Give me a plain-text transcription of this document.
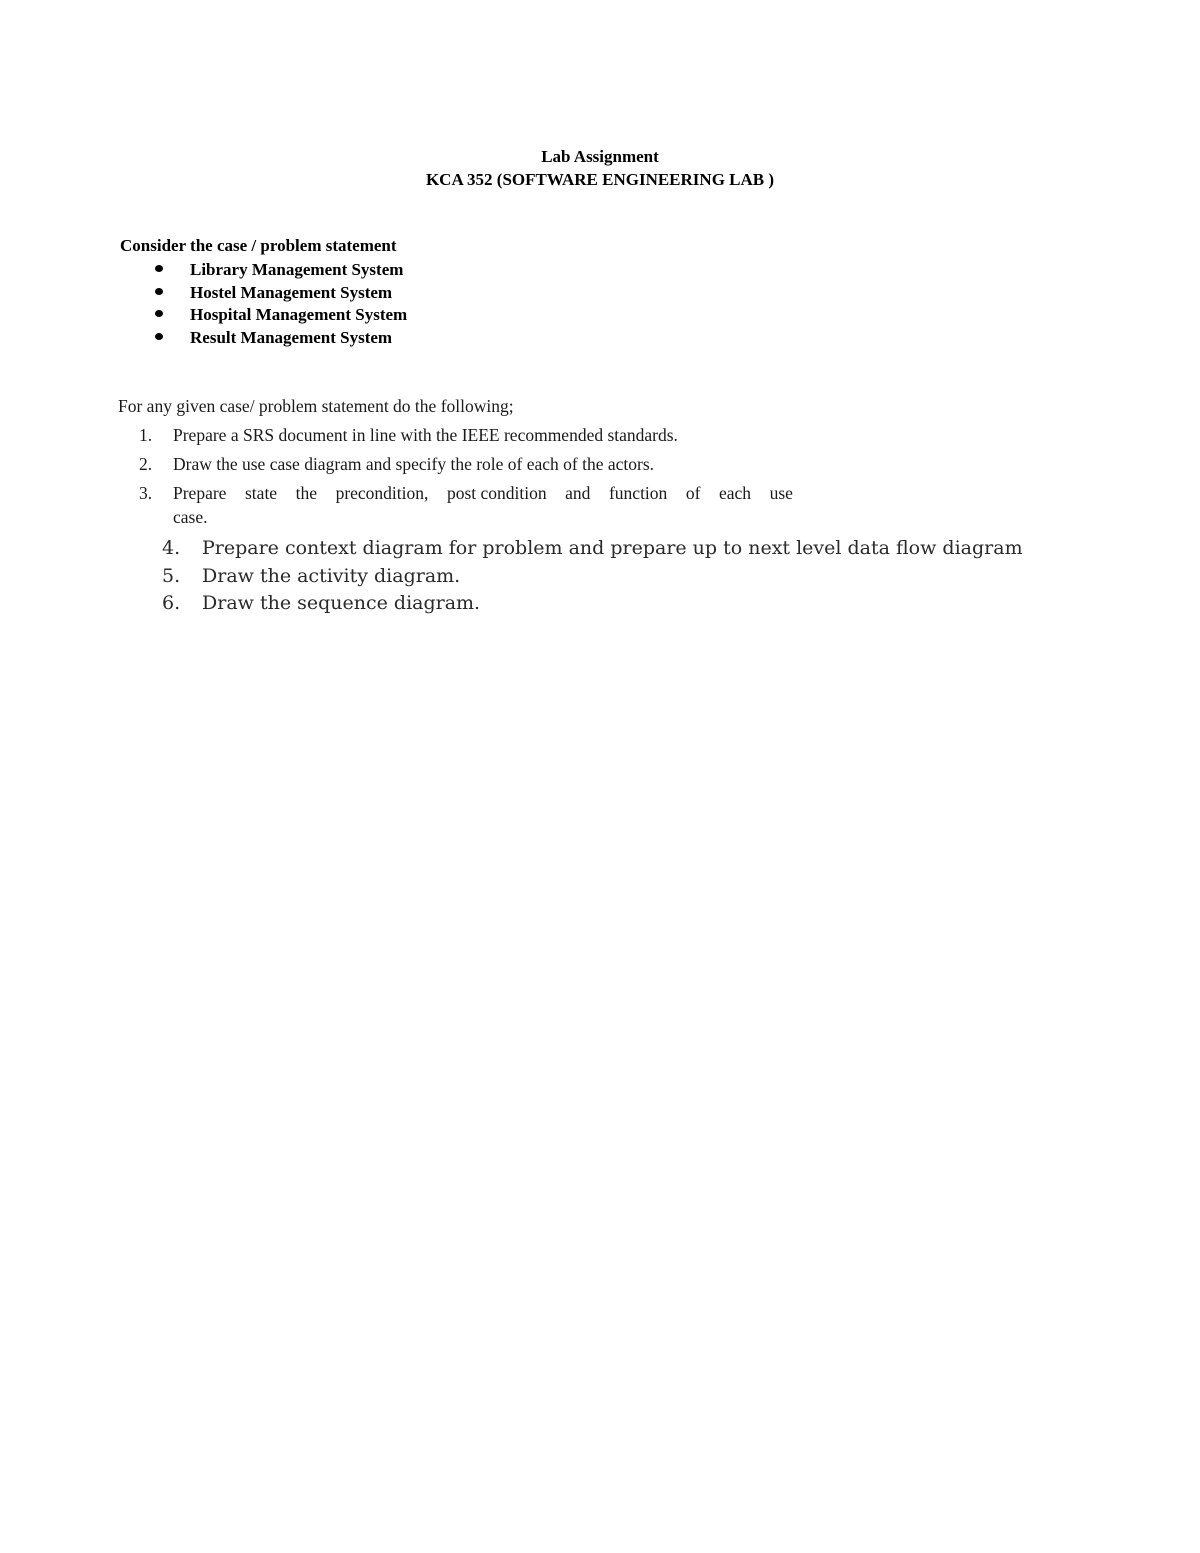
Lab Assignment
KCA 352 (SOFTWARE ENGINEERING LAB )
Consider the case / problem statement
Library Management System
Hostel Management System
Hospital Management System
Result Management System
For any given case/ problem statement do the following;
1. Prepare a SRS document in line with the IEEE recommended standards.
2. Draw the use case diagram and specify the role of each of the actors.
3. Prepare state the precondition, post condition and function of each use
case.
4. Prepare context diagram for problem and prepare up to next level data flow diagram
5. Draw the activity diagram.
6. Draw the sequence diagram.
